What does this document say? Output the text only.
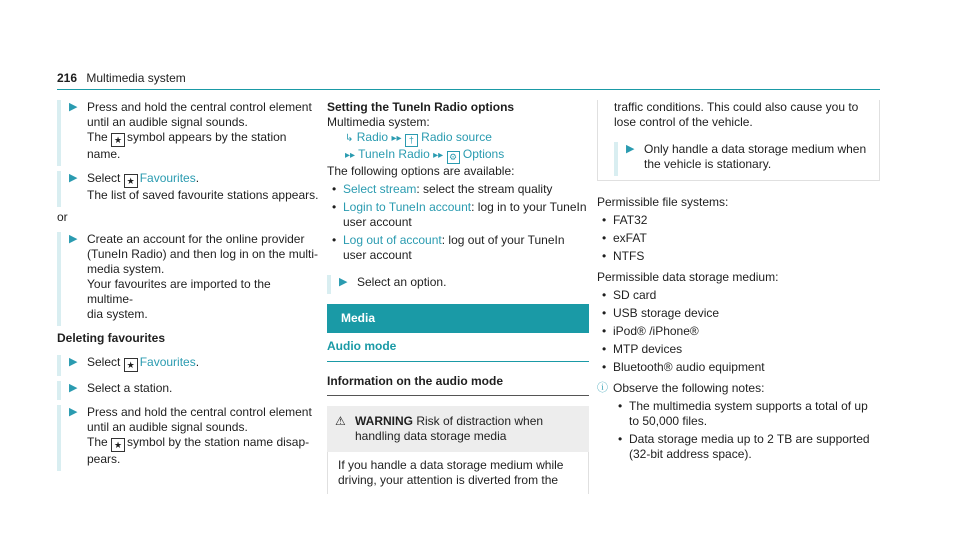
216 Multimedia system
▶ Press and hold the central control element
until an audible signal sounds.
The ★ symbol appears by the station
name.
▶ Select ★ Favourites.
The list of saved favourite stations appears.
or
▶ Create an account for the online provider
(TuneIn Radio) and then log in on the multi-
media system.
Your favourites are imported to the multime-
dia system.
Deleting favourites
▶ Select ★ Favourites.
▶ Select a station.
▶ Press and hold the central control element
until an audible signal sounds.
The ★ symbol by the station name disap-
pears.
Setting the TuneIn Radio options
Multimedia system:
↳ Radio ▸▸ † Radio source
▸▸ TuneIn Radio ▸▸ ⚙ Options
The following options are available:
• Select stream: select the stream quality
• Login to TuneIn account: log in to your TuneIn user account
• Log out of account: log out of your TuneIn user account
▶ Select an option.
Media
Audio mode
Information on the audio mode
⚠ WARNING Risk of distraction when handling data storage media
If you handle a data storage medium while driving, your attention is diverted from the
traffic conditions. This could also cause you to lose control of the vehicle.
▶ Only handle a data storage medium when the vehicle is stationary.
Permissible file systems:
• FAT32
• exFAT
• NTFS
Permissible data storage medium:
• SD card
• USB storage device
• iPod® /iPhone®
• MTP devices
• Bluetooth® audio equipment
ⓘ Observe the following notes:
• The multimedia system supports a total of up to 50,000 files.
• Data storage media up to 2 TB are supported (32-bit address space).
